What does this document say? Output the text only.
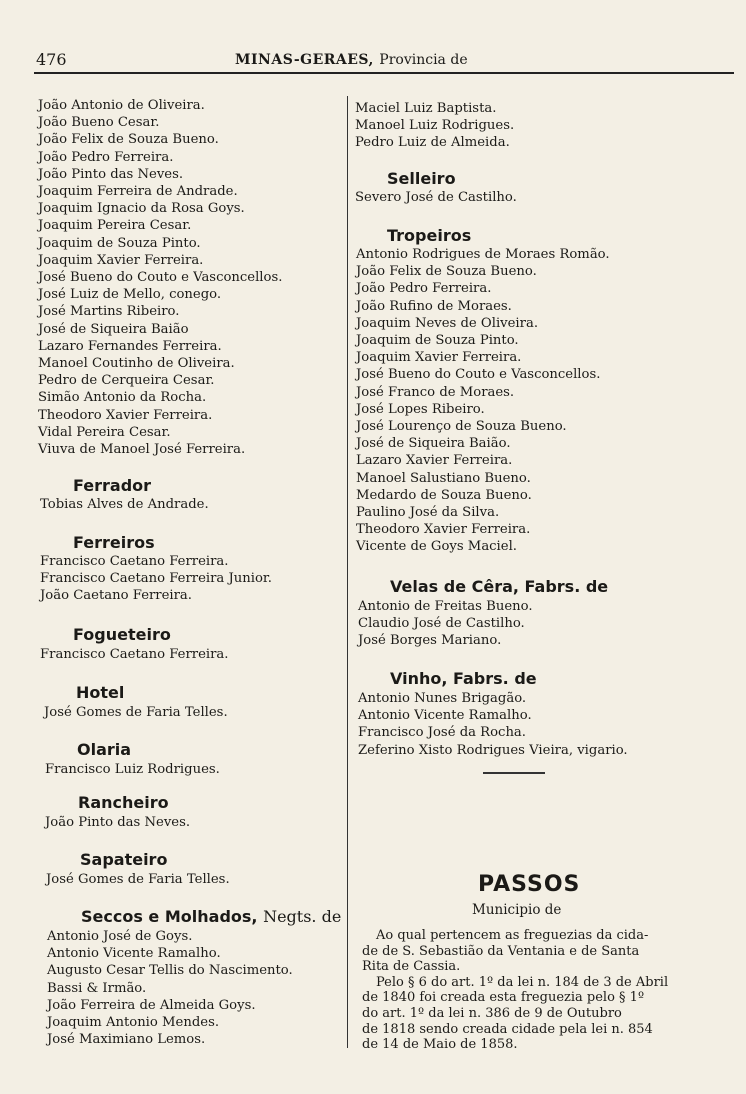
476	MINAS-GERAES, Provincia de
João Antonio de Oliveira.
João Bueno Cesar.
João Felix de Souza Bueno.
João Pedro Ferreira.
João Pinto das Neves.
Joaquim Ferreira de Andrade.
Joaquim Ignacio da Rosa Goys.
Joaquim Pereira Cesar.
Joaquim de Souza Pinto.
Joaquim Xavier Ferreira.
José Bueno do Couto e Vasconcellos.
José Luiz de Mello, conego.
José Martins Ribeiro.
José de Siqueira Baião
Lazaro Fernandes Ferreira.
Manoel Coutinho de Oliveira.
Pedro de Cerqueira Cesar.
Simão Antonio da Rocha.
Theodoro Xavier Ferreira.
Vidal Pereira Cesar.
Viuva de Manoel José Ferreira.
Ferrador
Tobias Alves de Andrade.
Ferreiros
Francisco Caetano Ferreira.
Francisco Caetano Ferreira Junior.
João Caetano Ferreira.
Fogueteiro
Francisco Caetano Ferreira.
Hotel
José Gomes de Faria Telles.
Olaria
Francisco Luiz Rodrigues.
Rancheiro
João Pinto das Neves.
Sapateiro
José Gomes de Faria Telles.
Seccos e Molhados, Negts. de
Antonio José de Goys.
Antonio Vicente Ramalho.
Augusto Cesar Tellis do Nascimento.
Bassi & Irmão.
João Ferreira de Almeida Goys.
Joaquim Antonio Mendes.
José Maximiano Lemos.
Maciel Luiz Baptista.
Manoel Luiz Rodrigues.
Pedro Luiz de Almeida.
Selleiro
Severo José de Castilho.
Tropeiros
Antonio Rodrigues de Moraes Romão.
João Felix de Souza Bueno.
João Pedro Ferreira.
João Rufino de Moraes.
Joaquim Neves de Oliveira.
Joaquim de Souza Pinto.
Joaquim Xavier Ferreira.
José Bueno do Couto e Vasconcellos.
José Franco de Moraes.
José Lopes Ribeiro.
José Lourenço de Souza Bueno.
José de Siqueira Baião.
Lazaro Xavier Ferreira.
Manoel Salustiano Bueno.
Medardo de Souza Bueno.
Paulino José da Silva.
Theodoro Xavier Ferreira.
Vicente de Goys Maciel.
Velas de Cêra, Fabrs. de
Antonio de Freitas Bueno.
Claudio José de Castilho.
José Borges Mariano.
Vinho, Fabrs. de
Antonio Nunes Brigagão.
Antonio Vicente Ramalho.
Francisco José da Rocha.
Zeferino Xisto Rodrigues Vieira, vigario.
PASSOS
Municipio de
Ao qual pertencem as freguezias da cida-
de de S. Sebastião da Ventania e de Santa
Rita de Cassia.
Pelo § 6 do art. 1º da lei n. 184 de 3 de Abril
de 1840 foi creada esta freguezia pelo § 1º
do art. 1º da lei n. 386 de 9 de Outubro
de 1818 sendo creada cidade pela lei n. 854
de 14 de Maio de 1858.
